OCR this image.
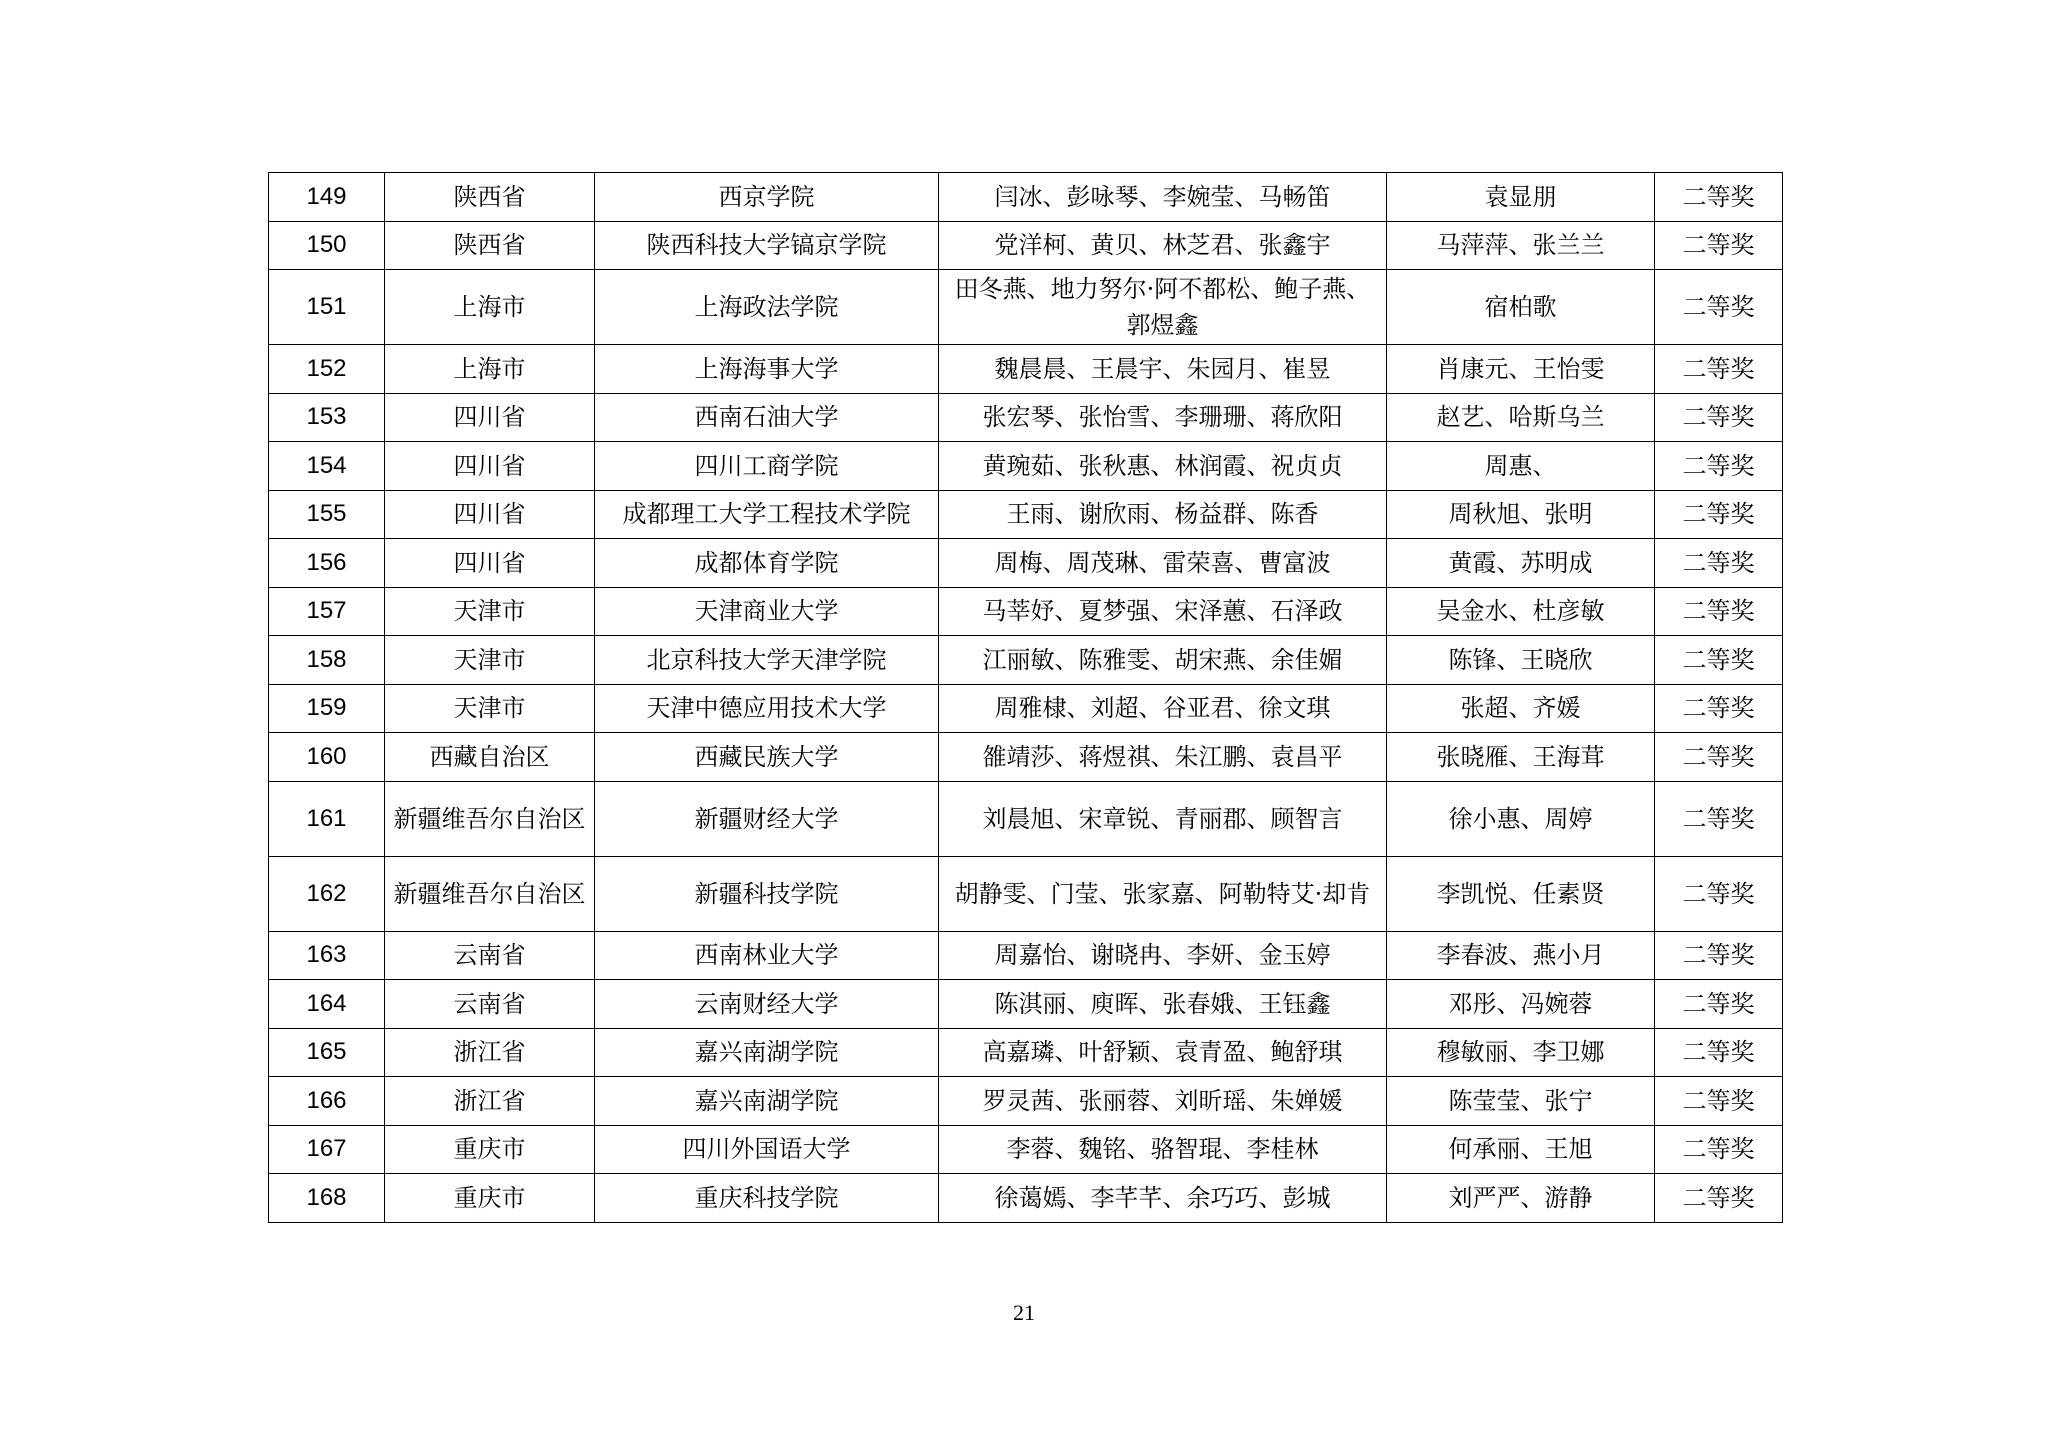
149	陕西省	西京学院	闫冰、彭咏琴、李婉莹、马畅笛	袁显朋	二等奖
150	陕西省	陕西科技大学镐京学院	党洋柯、黄贝、林芝君、张鑫宇	马萍萍、张兰兰	二等奖
151	上海市	上海政法学院	田冬燕、地力努尔·阿不都松、鲍子燕、郭煜鑫	宿柏歌	二等奖
152	上海市	上海海事大学	魏晨晨、王晨宇、朱园月、崔昱	肖康元、王怡雯	二等奖
153	四川省	西南石油大学	张宏琴、张怡雪、李珊珊、蒋欣阳	赵艺、哈斯乌兰	二等奖
154	四川省	四川工商学院	黄琬茹、张秋惠、林润霞、祝贞贞	周惠、	二等奖
155	四川省	成都理工大学工程技术学院	王雨、谢欣雨、杨益群、陈香	周秋旭、张明	二等奖
156	四川省	成都体育学院	周梅、周茂琳、雷荣喜、曹富波	黄霞、苏明成	二等奖
157	天津市	天津商业大学	马莘妤、夏梦强、宋泽蕙、石泽政	吴金水、杜彦敏	二等奖
158	天津市	北京科技大学天津学院	江丽敏、陈雅雯、胡宋燕、余佳媚	陈锋、王晓欣	二等奖
159	天津市	天津中德应用技术大学	周雅棣、刘超、谷亚君、徐文琪	张超、齐媛	二等奖
160	西藏自治区	西藏民族大学	雒靖莎、蒋煜祺、朱江鹏、袁昌平	张晓雁、王海茸	二等奖
161	新疆维吾尔自治区	新疆财经大学	刘晨旭、宋章锐、青丽郡、顾智言	徐小惠、周婷	二等奖
162	新疆维吾尔自治区	新疆科技学院	胡静雯、门莹、张家嘉、阿勒特艾·却肯	李凯悦、任素贤	二等奖
163	云南省	西南林业大学	周嘉怡、谢晓冉、李妍、金玉婷	李春波、燕小月	二等奖
164	云南省	云南财经大学	陈淇丽、庾晖、张春娥、王钰鑫	邓彤、冯婉蓉	二等奖
165	浙江省	嘉兴南湖学院	高嘉璘、叶舒颖、袁青盈、鲍舒琪	穆敏丽、李卫娜	二等奖
166	浙江省	嘉兴南湖学院	罗灵茜、张丽蓉、刘昕瑶、朱婵媛	陈莹莹、张宁	二等奖
167	重庆市	四川外国语大学	李蓉、魏铭、骆智琨、李桂林	何承丽、王旭	二等奖
168	重庆市	重庆科技学院	徐蔼嫣、李芊芊、余巧巧、彭城	刘严严、游静	二等奖
21
